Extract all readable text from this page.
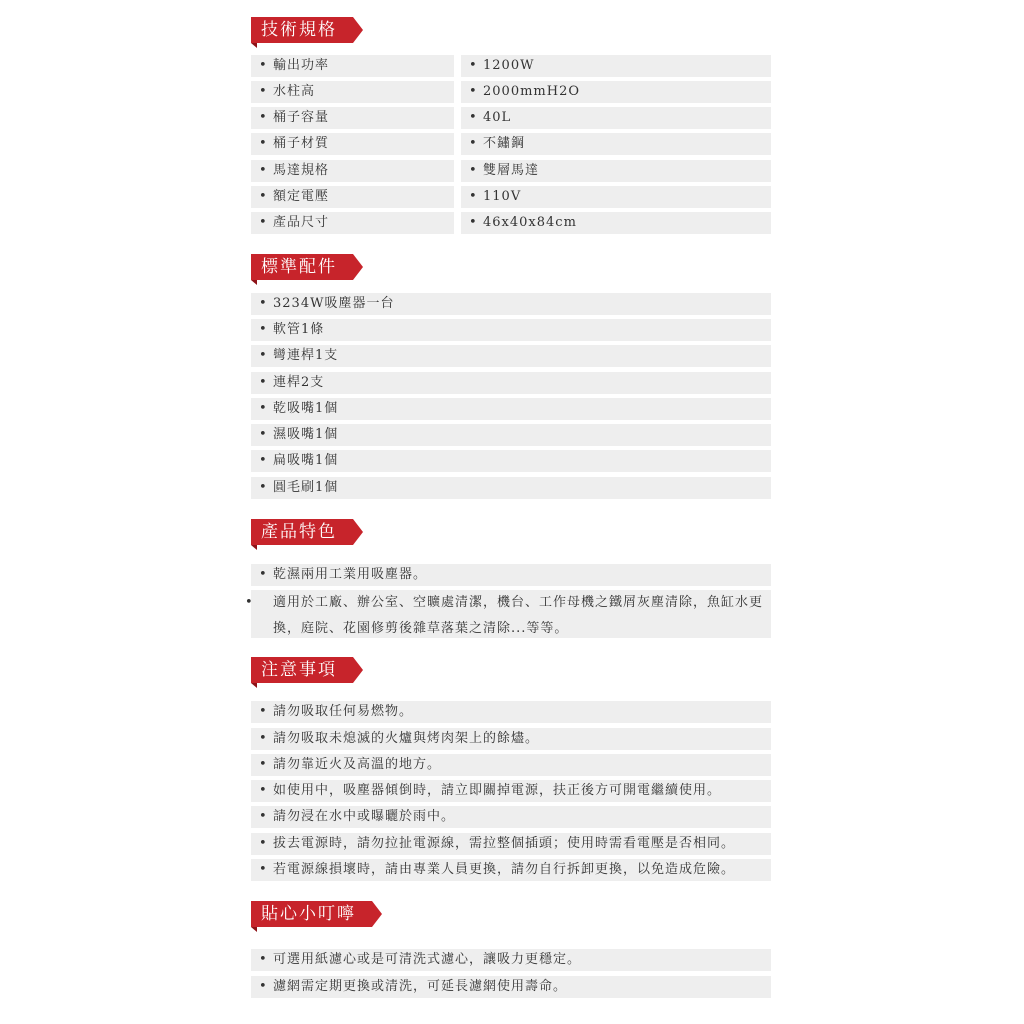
技術規格
• 輸出功率	• 1200W
• 水柱高	• 2000mmH2O
• 桶子容量	• 40L
• 桶子材質	• 不鏽鋼
• 馬達規格	• 雙層馬達
• 額定電壓	• 110V
• 產品尺寸	• 46x40x84cm
標準配件
• 3234W吸塵器一台
• 軟管1條
• 彎連桿1支
• 連桿2支
• 乾吸嘴1個
• 濕吸嘴1個
• 扁吸嘴1個
• 圓毛刷1個
產品特色
• 乾濕兩用工業用吸塵器。
• 適用於工廠、辦公室、空曠處清潔，機台、工作母機之鐵屑灰塵清除，魚缸水更換，庭院、花園修剪後雜草落葉之清除...等等。
注意事項
• 請勿吸取任何易燃物。
• 請勿吸取未熄滅的火爐與烤肉架上的餘燼。
• 請勿靠近火及高溫的地方。
• 如使用中，吸塵器傾倒時，請立即關掉電源，扶正後方可開電繼續使用。
• 請勿浸在水中或曝曬於雨中。
• 拔去電源時，請勿拉扯電源線，需拉整個插頭；使用時需看電壓是否相同。
• 若電源線損壞時，請由專業人員更換，請勿自行拆卸更換，以免造成危險。
貼心小叮嚀
• 可選用紙濾心或是可清洗式濾心，讓吸力更穩定。
• 濾網需定期更換或清洗，可延長濾網使用壽命。
